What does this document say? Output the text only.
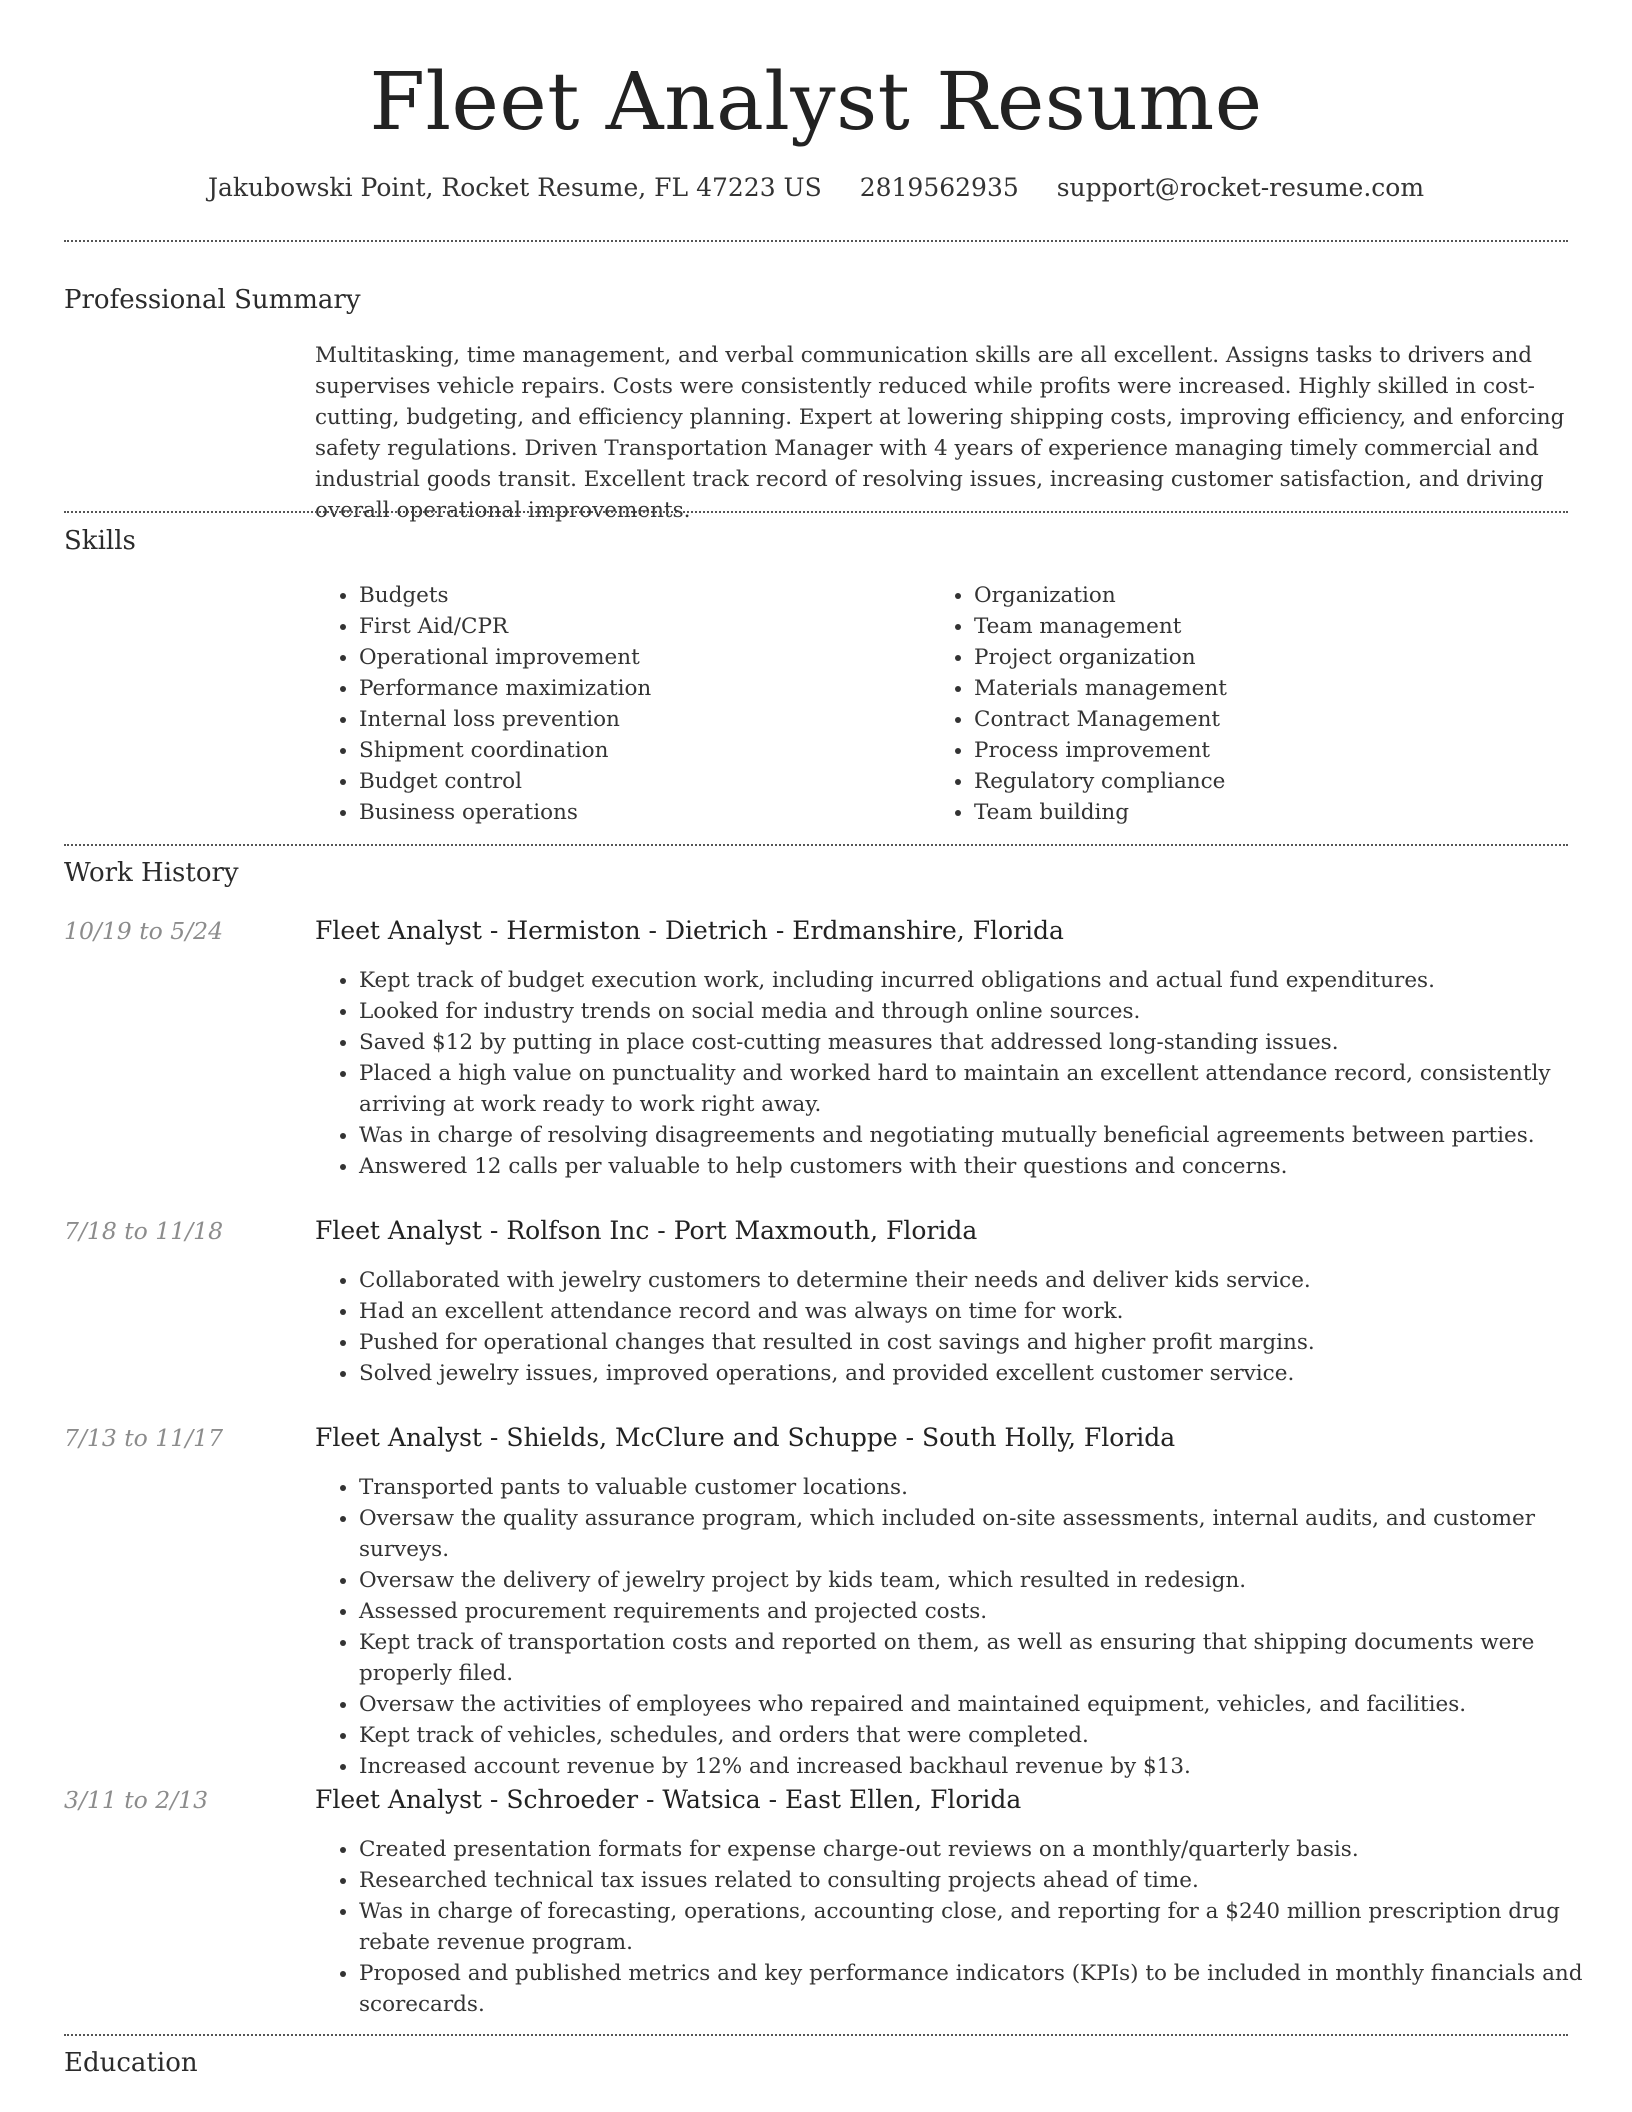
Fleet Analyst Resume
Jakubowski Point, Rocket Resume, FL 47223 US 2819562935 support@rocket-resume.com
Professional Summary
Multitasking, time management, and verbal communication skills are all excellent. Assigns tasks to drivers and supervises vehicle repairs. Costs were consistently reduced while profits were increased. Highly skilled in cost-cutting, budgeting, and efficiency planning. Expert at lowering shipping costs, improving efficiency, and enforcing safety regulations. Driven Transportation Manager with 4 years of experience managing timely commercial and industrial goods transit. Excellent track record of resolving issues, increasing customer satisfaction, and driving overall operational improvements.
Skills
• Budgets
• First Aid/CPR
• Operational improvement
• Performance maximization
• Internal loss prevention
• Shipment coordination
• Budget control
• Business operations
• Organization
• Team management
• Project organization
• Materials management
• Contract Management
• Process improvement
• Regulatory compliance
• Team building
Work History
10/19 to 5/24	Fleet Analyst - Hermiston - Dietrich - Erdmanshire, Florida
• Kept track of budget execution work, including incurred obligations and actual fund expenditures.
• Looked for industry trends on social media and through online sources.
• Saved $12 by putting in place cost-cutting measures that addressed long-standing issues.
• Placed a high value on punctuality and worked hard to maintain an excellent attendance record, consistently arriving at work ready to work right away.
• Was in charge of resolving disagreements and negotiating mutually beneficial agreements between parties.
• Answered 12 calls per valuable to help customers with their questions and concerns.
7/18 to 11/18	Fleet Analyst - Rolfson Inc - Port Maxmouth, Florida
• Collaborated with jewelry customers to determine their needs and deliver kids service.
• Had an excellent attendance record and was always on time for work.
• Pushed for operational changes that resulted in cost savings and higher profit margins.
• Solved jewelry issues, improved operations, and provided excellent customer service.
7/13 to 11/17	Fleet Analyst - Shields, McClure and Schuppe - South Holly, Florida
• Transported pants to valuable customer locations.
• Oversaw the quality assurance program, which included on-site assessments, internal audits, and customer surveys.
• Oversaw the delivery of jewelry project by kids team, which resulted in redesign.
• Assessed procurement requirements and projected costs.
• Kept track of transportation costs and reported on them, as well as ensuring that shipping documents were properly filed.
• Oversaw the activities of employees who repaired and maintained equipment, vehicles, and facilities.
• Kept track of vehicles, schedules, and orders that were completed.
• Increased account revenue by 12% and increased backhaul revenue by $13.
3/11 to 2/13	Fleet Analyst - Schroeder - Watsica - East Ellen, Florida
• Created presentation formats for expense charge-out reviews on a monthly/quarterly basis.
• Researched technical tax issues related to consulting projects ahead of time.
• Was in charge of forecasting, operations, accounting close, and reporting for a $240 million prescription drug rebate revenue program.
• Proposed and published metrics and key performance indicators (KPIs) to be included in monthly financials and scorecards.
Education
